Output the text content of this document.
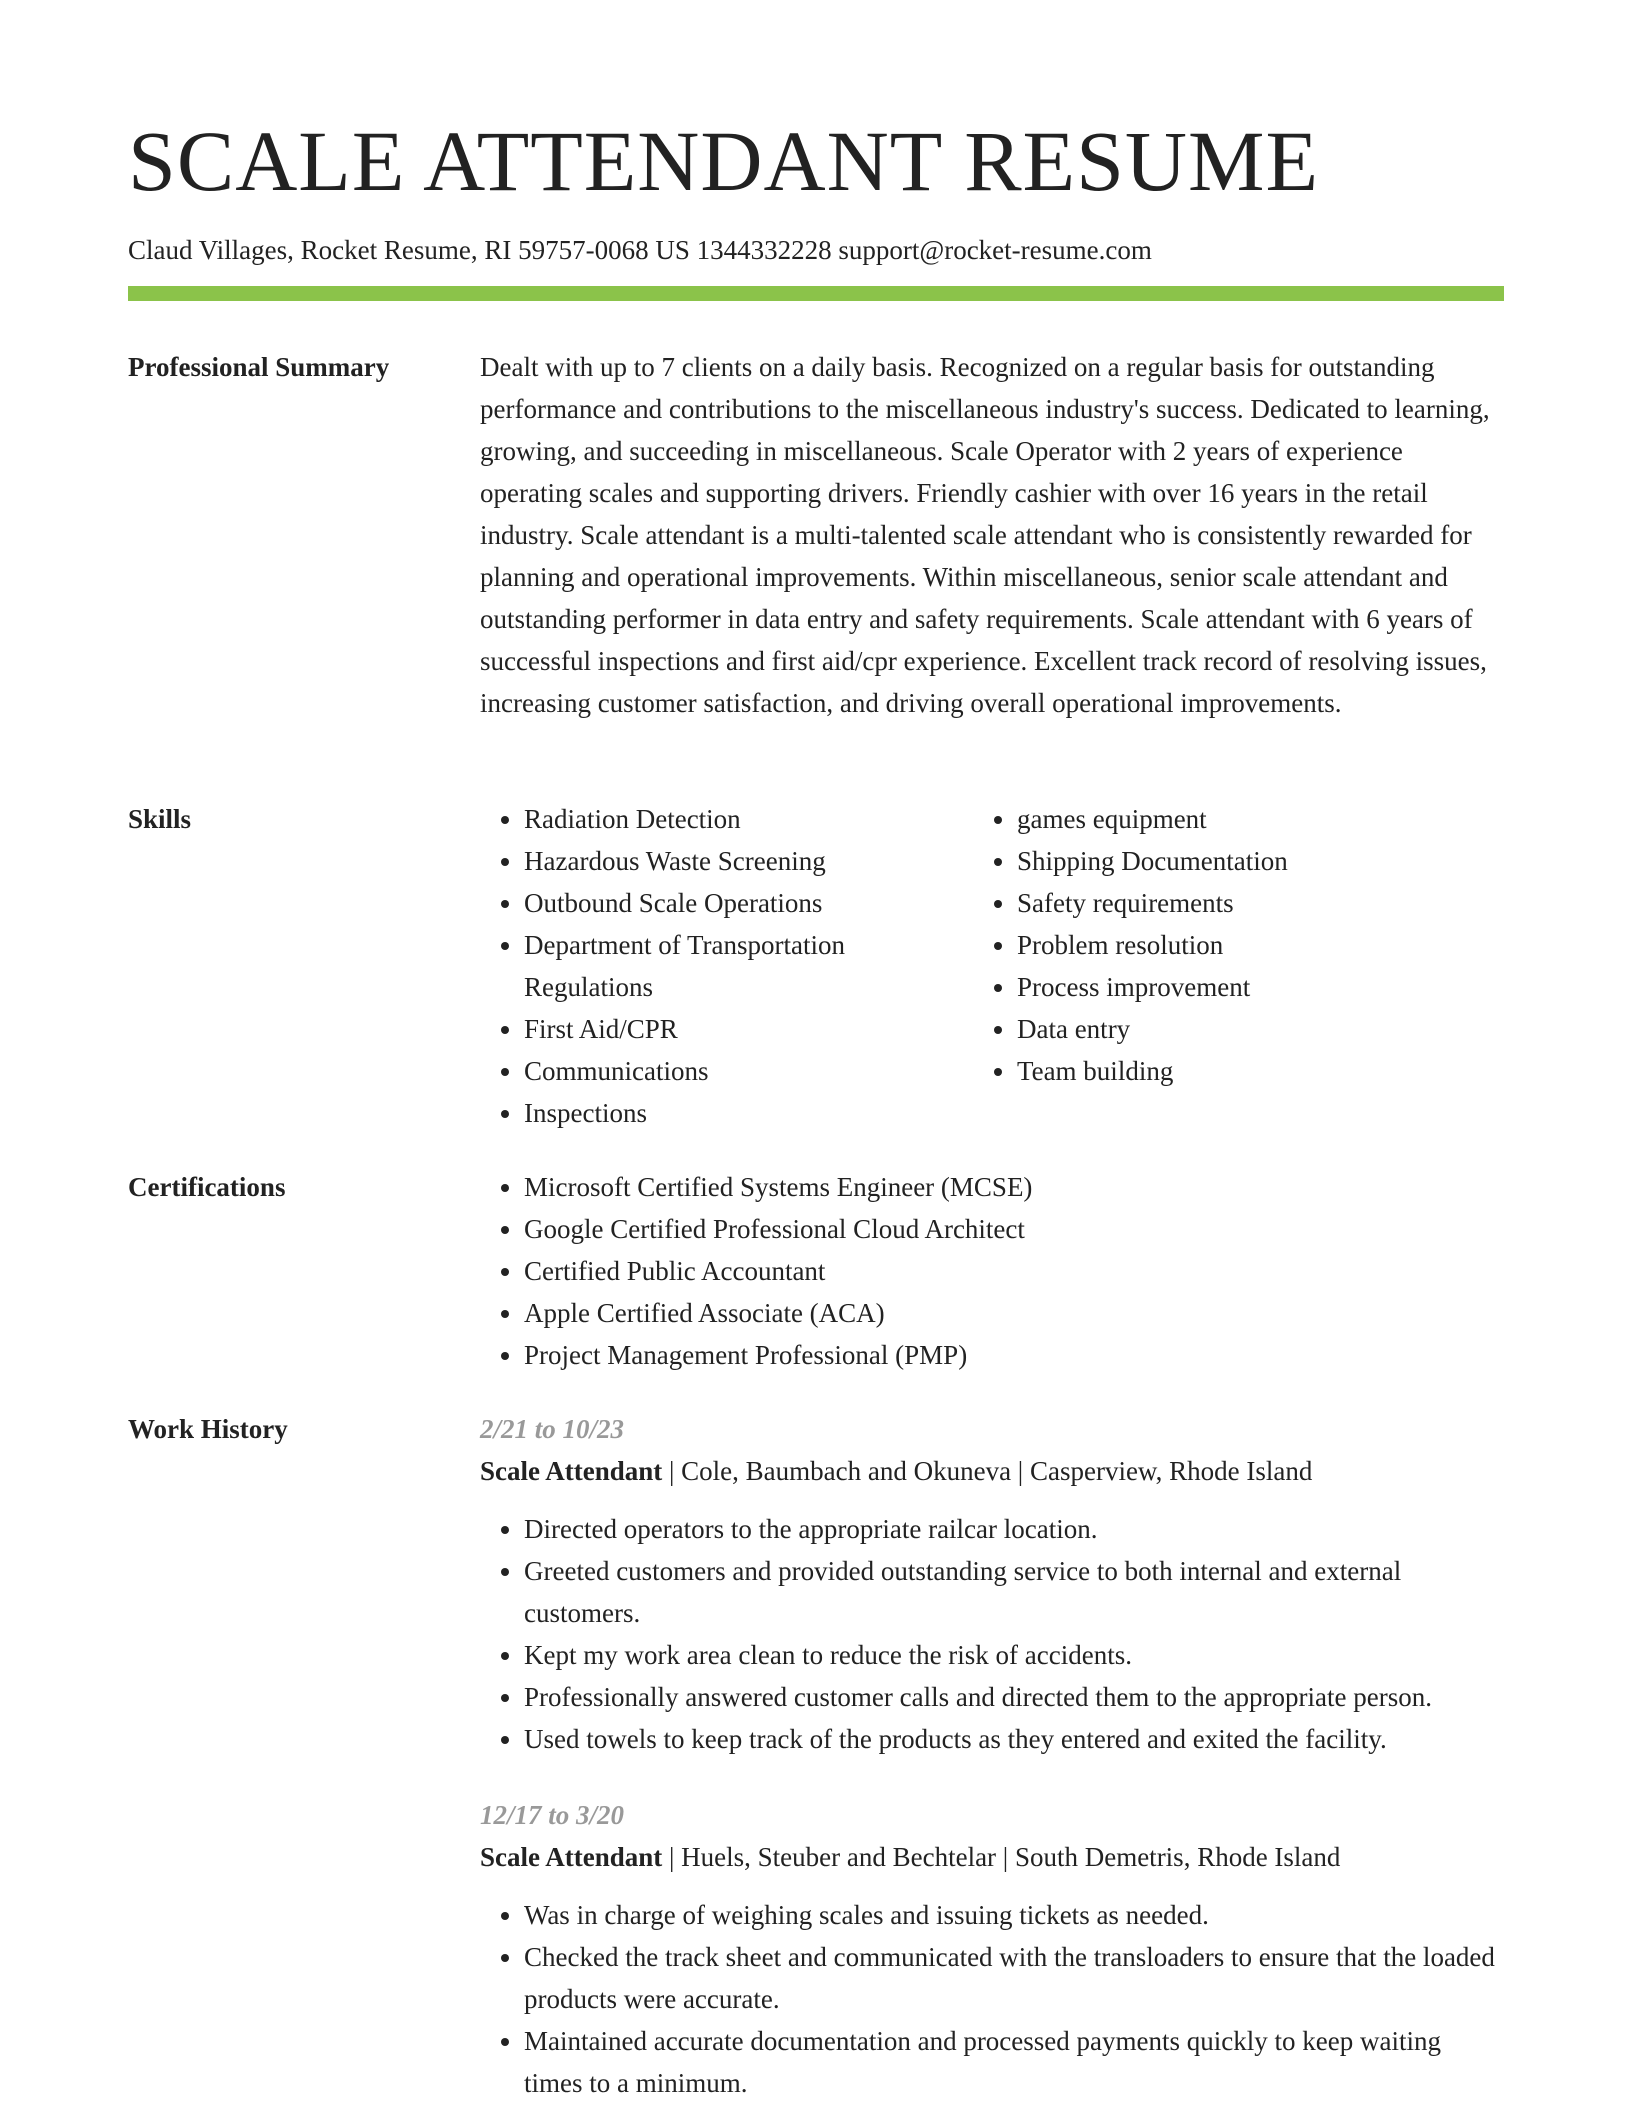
SCALE ATTENDANT RESUME
Claud Villages, Rocket Resume, RI 59757-0068 US 1344332228 support@rocket-resume.com
Professional Summary	Dealt with up to 7 clients on a daily basis. Recognized on a regular basis for outstanding performance and contributions to the miscellaneous industry's success. Dedicated to learning, growing, and succeeding in miscellaneous. Scale Operator with 2 years of experience operating scales and supporting drivers. Friendly cashier with over 16 years in the retail industry. Scale attendant is a multi-talented scale attendant who is consistently rewarded for planning and operational improvements. Within miscellaneous, senior scale attendant and outstanding performer in data entry and safety requirements. Scale attendant with 6 years of successful inspections and first aid/cpr experience. Excellent track record of resolving issues, increasing customer satisfaction, and driving overall operational improvements.

Skills	• Radiation Detection
• Hazardous Waste Screening
• Outbound Scale Operations
• Department of Transportation Regulations
• First Aid/CPR
• Communications
• Inspections
• games equipment
• Shipping Documentation
• Safety requirements
• Problem resolution
• Process improvement
• Data entry
• Team building
Certifications	• Microsoft Certified Systems Engineer (MCSE)
• Google Certified Professional Cloud Architect
• Certified Public Accountant
• Apple Certified Associate (ACA)
• Project Management Professional (PMP)
Work History	2/21 to 10/23
Scale Attendant | Cole, Baumbach and Okuneva | Casperview, Rhode Island
• Directed operators to the appropriate railcar location.
• Greeted customers and provided outstanding service to both internal and external customers.
• Kept my work area clean to reduce the risk of accidents.
• Professionally answered customer calls and directed them to the appropriate person.
• Used towels to keep track of the products as they entered and exited the facility.
12/17 to 3/20
Scale Attendant | Huels, Steuber and Bechtelar | South Demetris, Rhode Island
• Was in charge of weighing scales and issuing tickets as needed.
• Checked the track sheet and communicated with the transloaders to ensure that the loaded products were accurate.
• Maintained accurate documentation and processed payments quickly to keep waiting times to a minimum.
